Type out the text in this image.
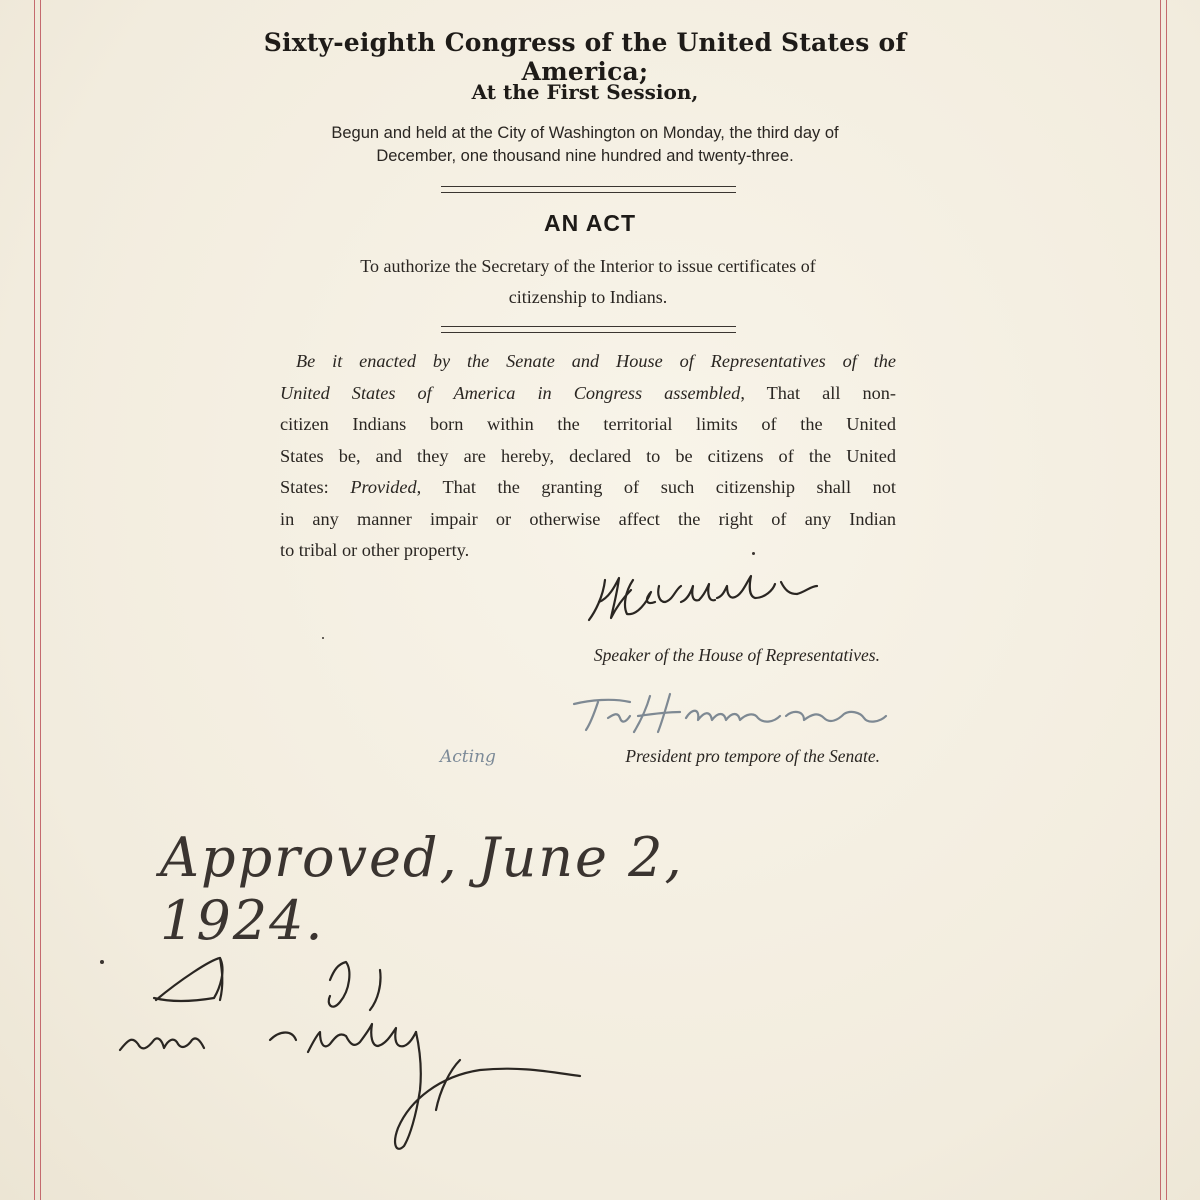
Sixty-eighth Congress of the United States of America;
At the First Session,
Begun and held at the City of Washington on Monday, the third day of
December, one thousand nine hundred and twenty-three.
AN ACT
To authorize the Secretary of the Interior to issue certificates of
citizenship to Indians.
Be it enacted by the Senate and House of Representatives of the
United States of America in Congress assembled, That all non-
citizen Indians born within the territorial limits of the United
States be, and they are hereby, declared to be citizens of the United
States: Provided, That the granting of such citizenship shall not
in any manner impair or otherwise affect the right of any Indian
to tribal or other property.
Speaker of the House of Representatives.
Acting	President pro tempore of the Senate.
Approved, June 2, 1924.
